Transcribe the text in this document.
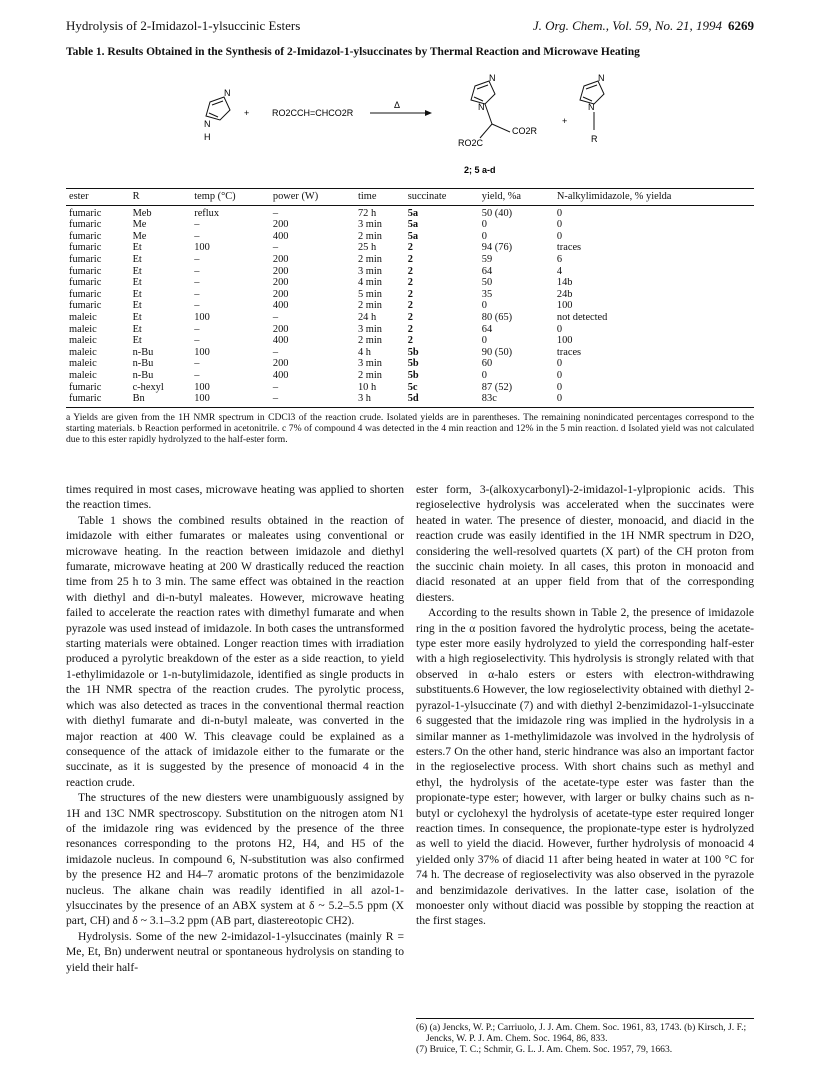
Hydrolysis of 2-Imidazol-1-ylsuccinic Esters	J. Org. Chem., Vol. 59, No. 21, 1994 6269
Table 1. Results Obtained in the Synthesis of 2-Imidazol-1-ylsuccinates by Thermal Reaction and Microwave Heating
N
N
H
+	RO2CCH=CHCO2R
Δ
N
N
CO2R
RO2C
+
N
N
R
2; 5 a-d
ester	R	temp (°C)	power (W)	time	succinate	yield, %a	N-alkylimidazole, % yielda
fumaric	Meb	reflux	–	72 h	5a	50 (40)	0
fumaric	Me	–	200	3 min	5a	0	0
fumaric	Me	–	400	2 min	5a	0	0
fumaric	Et	100	–	25 h	2	94 (76)	traces
fumaric	Et	–	200	2 min	2	59	6
fumaric	Et	–	200	3 min	2	64	4
fumaric	Et	–	200	4 min	2	50	14b
fumaric	Et	–	200	5 min	2	35	24b
fumaric	Et	–	400	2 min	2	0	100
maleic	Et	100	–	24 h	2	80 (65)	not detected
maleic	Et	–	200	3 min	2	64	0
maleic	Et	–	400	2 min	2	0	100
maleic	n-Bu	100	–	4 h	5b	90 (50)	traces
maleic	n-Bu	–	200	3 min	5b	60	0
maleic	n-Bu	–	400	2 min	5b	0	0
fumaric	c-hexyl	100	–	10 h	5c	87 (52)	0
fumaric	Bn	100	–	3 h	5d	83c	0
a Yields are given from the 1H NMR spectrum in CDCl3 of the reaction crude. Isolated yields are in parentheses. The remaining nonindicated percentages correspond to the starting materials. b Reaction performed in acetonitrile. c 7% of compound 4 was detected in the 4 min reaction and 12% in the 5 min reaction. d Isolated yield was not calculated due to this ester rapidly hydrolyzed to the half-ester form.

times required in most cases, microwave heating was applied to shorten the reaction times.

Table 1 shows the combined results obtained in the reaction of imidazole with either fumarates or maleates using conventional or microwave heating. In the reaction between imidazole and diethyl fumarate, microwave heating at 200 W drastically reduced the reaction time from 25 h to 3 min. The same effect was obtained in the reaction with diethyl and di-n-butyl maleates. However, microwave heating failed to accelerate the reaction rates with dimethyl fumarate and when pyrazole was used instead of imidazole. In both cases the untransformed starting materials were obtained. Longer reaction times with irradiation produced a pyrolytic breakdown of the ester as a side reaction, to yield 1-ethylimidazole or 1-n-butylimidazole, identified as single products in the 1H NMR spectra of the reaction crudes. The pyrolytic process, which was also detected as traces in the conventional thermal reaction with diethyl fumarate and di-n-butyl maleate, was converted in the major reaction at 400 W. This cleavage could be explained as a consequence of the attack of imidazole either to the fumarate or the succinate, as it is suggested by the presence of monoacid 4 in the reaction crude.

The structures of the new diesters were unambiguously assigned by 1H and 13C NMR spectroscopy. Substitution on the nitrogen atom N1 of the imidazole ring was evidenced by the presence of the three resonances corresponding to the protons H2, H4, and H5 of the imidazole nucleus. In compound 6, N-substitution was also confirmed by the presence H2 and H4–7 aromatic protons of the benzimidazole nucleus. The alkane chain was readily identified in all azol-1-ylsuccinates by the presence of an ABX system at δ ~ 5.2–5.5 ppm (X part, CH) and δ ~ 3.1–3.2 ppm (AB part, diastereotopic CH2).

Hydrolysis. Some of the new 2-imidazol-1-ylsuccinates (mainly R = Me, Et, Bn) underwent neutral or spontaneous hydrolysis on standing to yield their half-

ester form, 3-(alkoxycarbonyl)-2-imidazol-1-ylpropionic acids. This regioselective hydrolysis was accelerated when the succinates were heated in water. The presence of diester, monoacid, and diacid in the reaction crude was easily identified in the 1H NMR spectrum in D2O, considering the well-resolved quartets (X part) of the CH proton from the succinic chain moiety. In all cases, this proton in monoacid and diacid resonated at an upper field from that of the corresponding diesters.

According to the results shown in Table 2, the presence of imidazole ring in the α position favored the hydrolytic process, being the acetate-type ester more easily hydrolyzed to yield the corresponding half-ester with a high regioselectivity. This hydrolysis is strongly related with that observed in α-halo esters or esters with electron-withdrawing substituents.6 However, the low regioselectivity obtained with diethyl 2-pyrazol-1-ylsuccinate (7) and with diethyl 2-benzimidazol-1-ylsuccinate 6 suggested that the imidazole ring was implied in the hydrolysis in a similar manner as 1-methylimidazole was involved in the hydrolysis of esters.7 On the other hand, steric hindrance was also an important factor in the regioselective process. With short chains such as methyl and ethyl, the hydrolysis of the acetate-type ester was faster than the propionate-type ester; however, with larger or bulky chains such as n-butyl or cyclohexyl the hydrolysis of acetate-type ester required longer reaction times. In consequence, the propionate-type ester is hydrolyzed as well to yield the diacid. However, further hydrolysis of monoacid 4 yielded only 37% of diacid 11 after being heated in water at 100 °C for 74 h. The decrease of regioselectivity was also observed in the pyrazole and benzimidazole derivatives. In the latter case, isolation of the monoester only without diacid was possible by stopping the reaction at the first stages.

(6) (a) Jencks, W. P.; Carriuolo, J. J. Am. Chem. Soc. 1961, 83, 1743. (b) Kirsch, J. F.; Jencks, W. P. J. Am. Chem. Soc. 1964, 86, 833.
(7) Bruice, T. C.; Schmir, G. L. J. Am. Chem. Soc. 1957, 79, 1663.
